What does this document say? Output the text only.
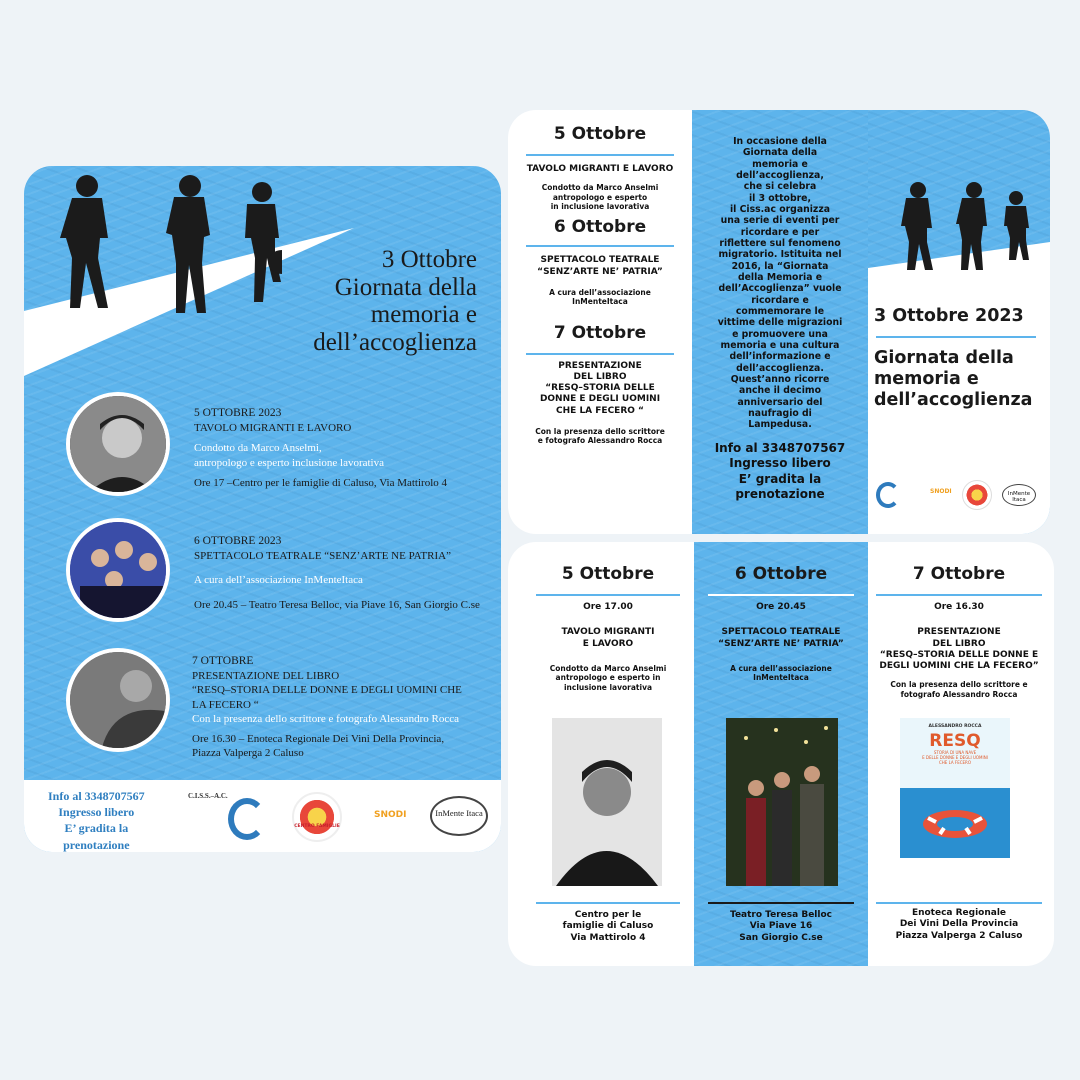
3 Ottobre
Giornata della
memoria e
dell’accoglienza
5 OTTOBRE 2023
TAVOLO MIGRANTI E LAVORO
Condotto da Marco Anselmi,
antropologo e esperto inclusione lavorativa
Ore 17 –Centro per le famiglie di Caluso, Via Mattirolo 4
6 OTTOBRE 2023
SPETTACOLO TEATRALE “SENZ’ARTE NE PATRIA”
A cura dell’associazione InMenteItaca
Ore 20.45 – Teatro Teresa Belloc, via Piave 16, San Giorgio C.se
7 OTTOBRE
PRESENTAZIONE DEL LIBRO
“RESQ–STORIA DELLE DONNE E DEGLI UOMINI CHE
LA FECERO “
Con la presenza dello scrittore e fotografo Alessandro Rocca
Ore 16.30 – Enoteca Regionale Dei Vini Della Provincia,
Piazza Valperga 2 Caluso
Info al 3348707567
Ingresso libero
E’ gradita la
prenotazione
C.I.S.S.–A.C.
CENTRO FAMIGLIE
SNODI	InMente Itaca
5 Ottobre
TAVOLO MIGRANTI E LAVORO
Condotto da Marco Anselmi
antropologo e esperto
in inclusione lavorativa
6 Ottobre
SPETTACOLO TEATRALE
“SENZ’ARTE NE’ PATRIA”
A cura dell’associazione
InMenteItaca
7 Ottobre
PRESENTAZIONE
DEL LIBRO
“RESQ–STORIA DELLE
DONNE E DEGLI UOMINI
CHE LA FECERO “
Con la presenza dello scrittore
e fotografo Alessandro Rocca
In occasione della
Giornata della
memoria e
dell’accoglienza,
che si celebra
il 3 ottobre,
il Ciss.ac organizza
una serie di eventi per
ricordare e per
riflettere sul fenomeno
migratorio. Istituita nel
2016, la “Giornata
della Memoria e
dell’Accoglienza” vuole
ricordare e
commemorare le
vittime delle migrazioni
e promuovere una
memoria e una cultura
dell’informazione e
dell’accoglienza.
Quest’anno ricorre
anche il decimo
anniversario del
naufragio di
Lampedusa.
Info al 3348707567
Ingresso libero
E’ gradita la
prenotazione
3 Ottobre 2023
Giornata della
memoria e
dell’accoglienza
SNODI	InMente Itaca
5 Ottobre
Ore 17.00
TAVOLO MIGRANTI
E LAVORO
Condotto da Marco Anselmi
antropologo e esperto in
inclusione lavorativa
Centro per le
famiglie di Caluso
Via Mattirolo 4
6 Ottobre
Ore 20.45
SPETTACOLO TEATRALE
“SENZ’ARTE NE’ PATRIA”
A cura dell’associazione
InMenteItaca
Teatro Teresa Belloc
Via Piave 16
San Giorgio C.se
7 Ottobre
Ore 16.30
PRESENTAZIONE
DEL LIBRO
“RESQ–STORIA DELLE DONNE E
DEGLI UOMINI CHE LA FECERO”
Con la presenza dello scrittore e
fotografo Alessandro Rocca
ALESSANDRO ROCCA
RESQ
STORIA DI UNA NAVE
E DELLE DONNE E DEGLI UOMINI
CHE LA FECERO
Enoteca Regionale
Dei Vini Della Provincia
Piazza Valperga 2 Caluso
